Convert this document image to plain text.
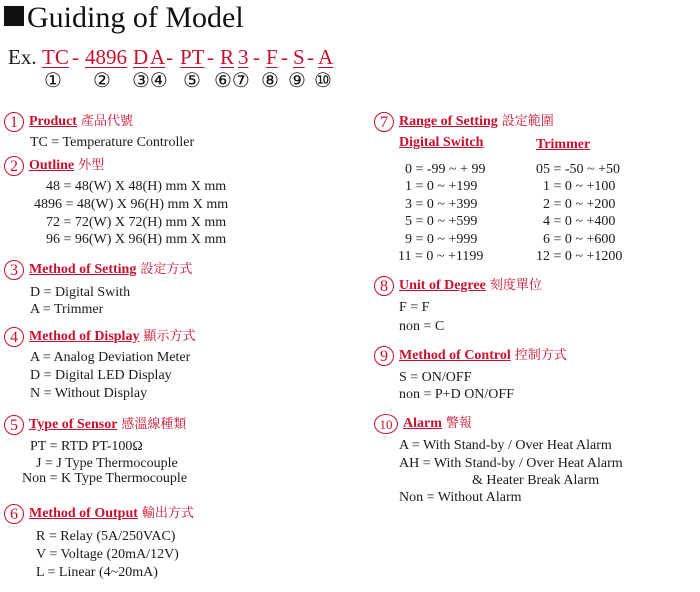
Guiding of Model
Ex. TC - 4896 D A - PT - R 3 - F - S - A
① ② ③④ ⑤ ⑥⑦ ⑧ ⑨ ⑩
1 Product 產品代號
TC = Temperature Controller
2 Outline 外型
48 = 48(W) X 48(H) mm X mm
4896 = 48(W) X 96(H) mm X mm
72 = 72(W) X 72(H) mm X mm
96 = 96(W) X 96(H) mm X mm
3 Method of Setting 設定方式
D = Digital Swith
A = Trimmer
4 Method of Display 顯示方式
A = Analog Deviation Meter
D = Digital LED Display
N = Without Display
5 Type of Sensor 感溫線種類
PT = RTD PT-100Ω
J = J Type Thermocouple
Non = K Type Thermocouple
6 Method of Output 輸出方式
R = Relay (5A/250VAC)
V = Voltage (20mA/12V)
L = Linear (4~20mA)
7 Range of Setting 設定範圍
Digital Switch	Trimmer
0 = -99 ~ + 99
1 = 0 ~ +199
3 = 0 ~ +399
5 = 0 ~ +599
9 = 0 ~ +999
11 = 0 ~ +1199
05 = -50 ~ +50
1 = 0 ~ +100
2 = 0 ~ +200
4 = 0 ~ +400
6 = 0 ~ +600
12 = 0 ~ +1200
8 Unit of Degree 刻度單位
F = F
non = C
9 Method of Control 控制方式
S = ON/OFF
non = P+D ON/OFF
10 Alarm 警報
A = With Stand-by / Over Heat Alarm
AH = With Stand-by / Over Heat Alarm
& Heater Break Alarm
Non = Without Alarm
